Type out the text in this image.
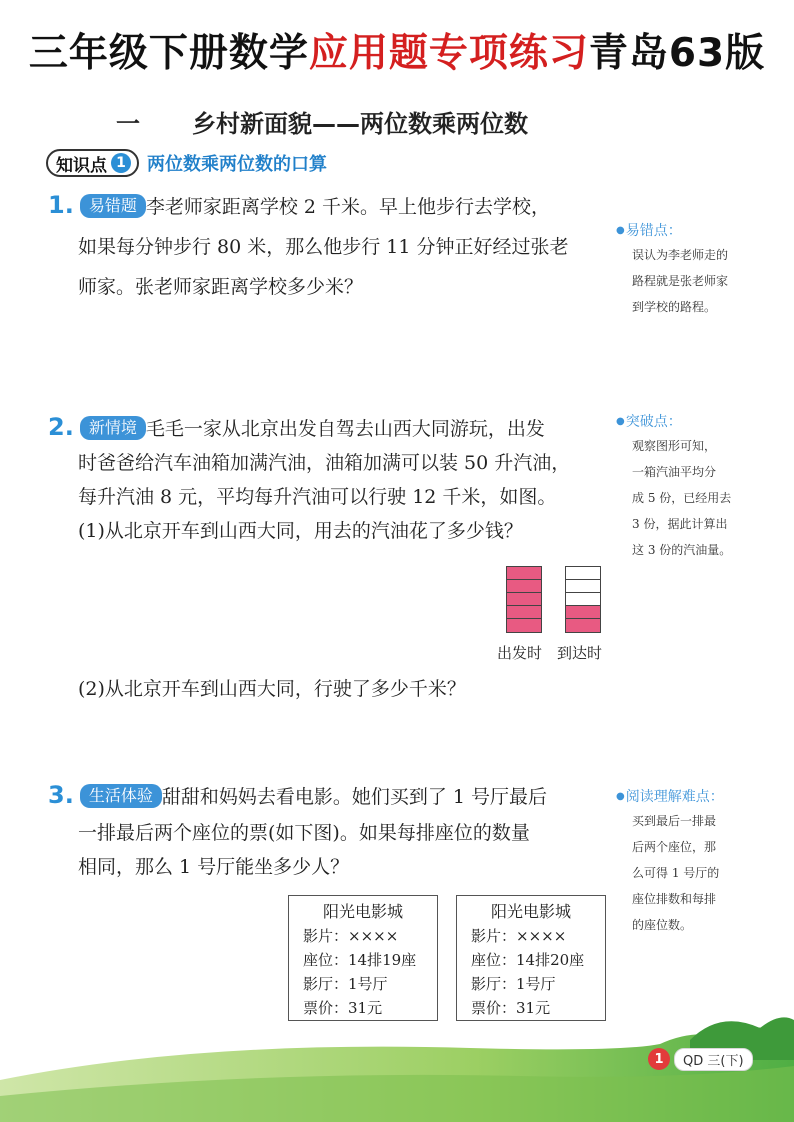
三年级下册数学应用题专项练习青岛63版
一 乡村新面貌——两位数乘两位数
知识点 1 两位数乘两位数的口算
1. 易错题 李老师家距离学校 2 千米。早上他步行去学校，
如果每分钟步行 80 米，那么他步行 11 分钟正好经过张老
师家。张老师家距离学校多少米？
●易错点：
误认为李老师走的
路程就是张老师家
到学校的路程。
2. 新情境 毛毛一家从北京出发自驾去山西大同游玩，出发
时爸爸给汽车油箱加满汽油，油箱加满可以装 50 升汽油，
每升汽油 8 元，平均每升汽油可以行驶 12 千米，如图。
(1)从北京开车到山西大同，用去的汽油花了多少钱？
出发时 到达时
(2)从北京开车到山西大同，行驶了多少千米？
●突破点：
观察图形可知，
一箱汽油平均分
成 5 份，已经用去
3 份，据此计算出
这 3 份的汽油量。
3. 生活体验 甜甜和妈妈去看电影。她们买到了 1 号厅最后
一排最后两个座位的票(如下图)。如果每排座位的数量
相同，那么 1 号厅能坐多少人？
●阅读理解难点：
买到最后一排最
后两个座位，那
么可得 1 号厅的
座位排数和每排
的座位数。
阳光电影城
影片：××××
座位：14排19座
影厅：1号厅
票价：31元
阳光电影城
影片：××××
座位：14排20座
影厅：1号厅
票价：31元
1	QD 三(下)
